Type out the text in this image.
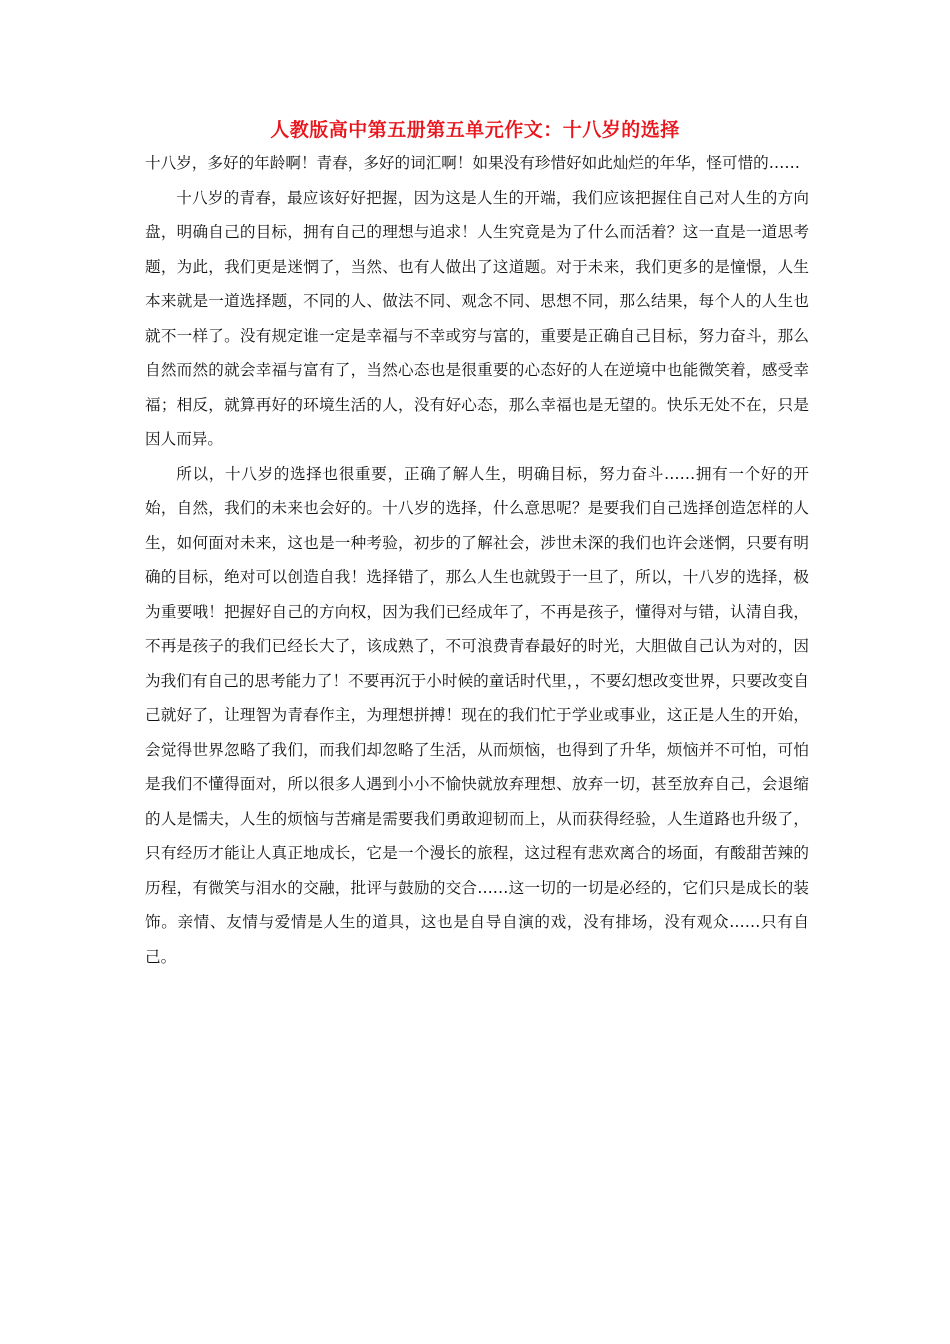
人教版高中第五册第五单元作文：十八岁的选择

十八岁，多好的年龄啊！青春，多好的词汇啊！如果没有珍惜好如此灿烂的年华，怪可惜的……

十八岁的青春，最应该好好把握，因为这是人生的开端，我们应该把握住自己对人生的方向盘，明确自己的目标，拥有自己的理想与追求！人生究竟是为了什么而活着？这一直是一道思考题，为此，我们更是迷惘了，当然、也有人做出了这道题。对于未来，我们更多的是憧憬，人生本来就是一道选择题，不同的人、做法不同、观念不同、思想不同，那么结果，每个人的人生也就不一样了。没有规定谁一定是幸福与不幸或穷与富的，重要是正确自己目标，努力奋斗，那么自然而然的就会幸福与富有了，当然心态也是很重要的心态好的人在逆境中也能微笑着，感受幸福；相反，就算再好的环境生活的人，没有好心态，那么幸福也是无望的。快乐无处不在，只是因人而异。

所以，十八岁的选择也很重要，正确了解人生，明确目标，努力奋斗……拥有一个好的开始，自然，我们的未来也会好的。十八岁的选择，什么意思呢？是要我们自己选择创造怎样的人生，如何面对未来，这也是一种考验，初步的了解社会，涉世未深的我们也许会迷惘，只要有明确的目标，绝对可以创造自我！选择错了，那么人生也就毁于一旦了，所以，十八岁的选择，极为重要哦！把握好自己的方向权，因为我们已经成年了，不再是孩子，懂得对与错，认清自我，不再是孩子的我们已经长大了，该成熟了，不可浪费青春最好的时光，大胆做自己认为对的，因为我们有自己的思考能力了！不要再沉于小时候的童话时代里，，不要幻想改变世界，只要改变自己就好了，让理智为青春作主，为理想拼搏！现在的我们忙于学业或事业，这正是人生的开始，会觉得世界忽略了我们，而我们却忽略了生活，从而烦恼，也得到了升华，烦恼并不可怕，可怕是我们不懂得面对，所以很多人遇到小小不愉快就放弃理想、放弃一切，甚至放弃自己，会退缩的人是懦夫，人生的烦恼与苦痛是需要我们勇敢迎韧而上，从而获得经验，人生道路也升级了，只有经历才能让人真正地成长，它是一个漫长的旅程，这过程有悲欢离合的场面，有酸甜苦辣的历程，有微笑与泪水的交融，批评与鼓励的交合……这一切的一切是必经的，它们只是成长的装饰。亲情、友情与爱情是人生的道具，这也是自导自演的戏，没有排场，没有观众……只有自己。
